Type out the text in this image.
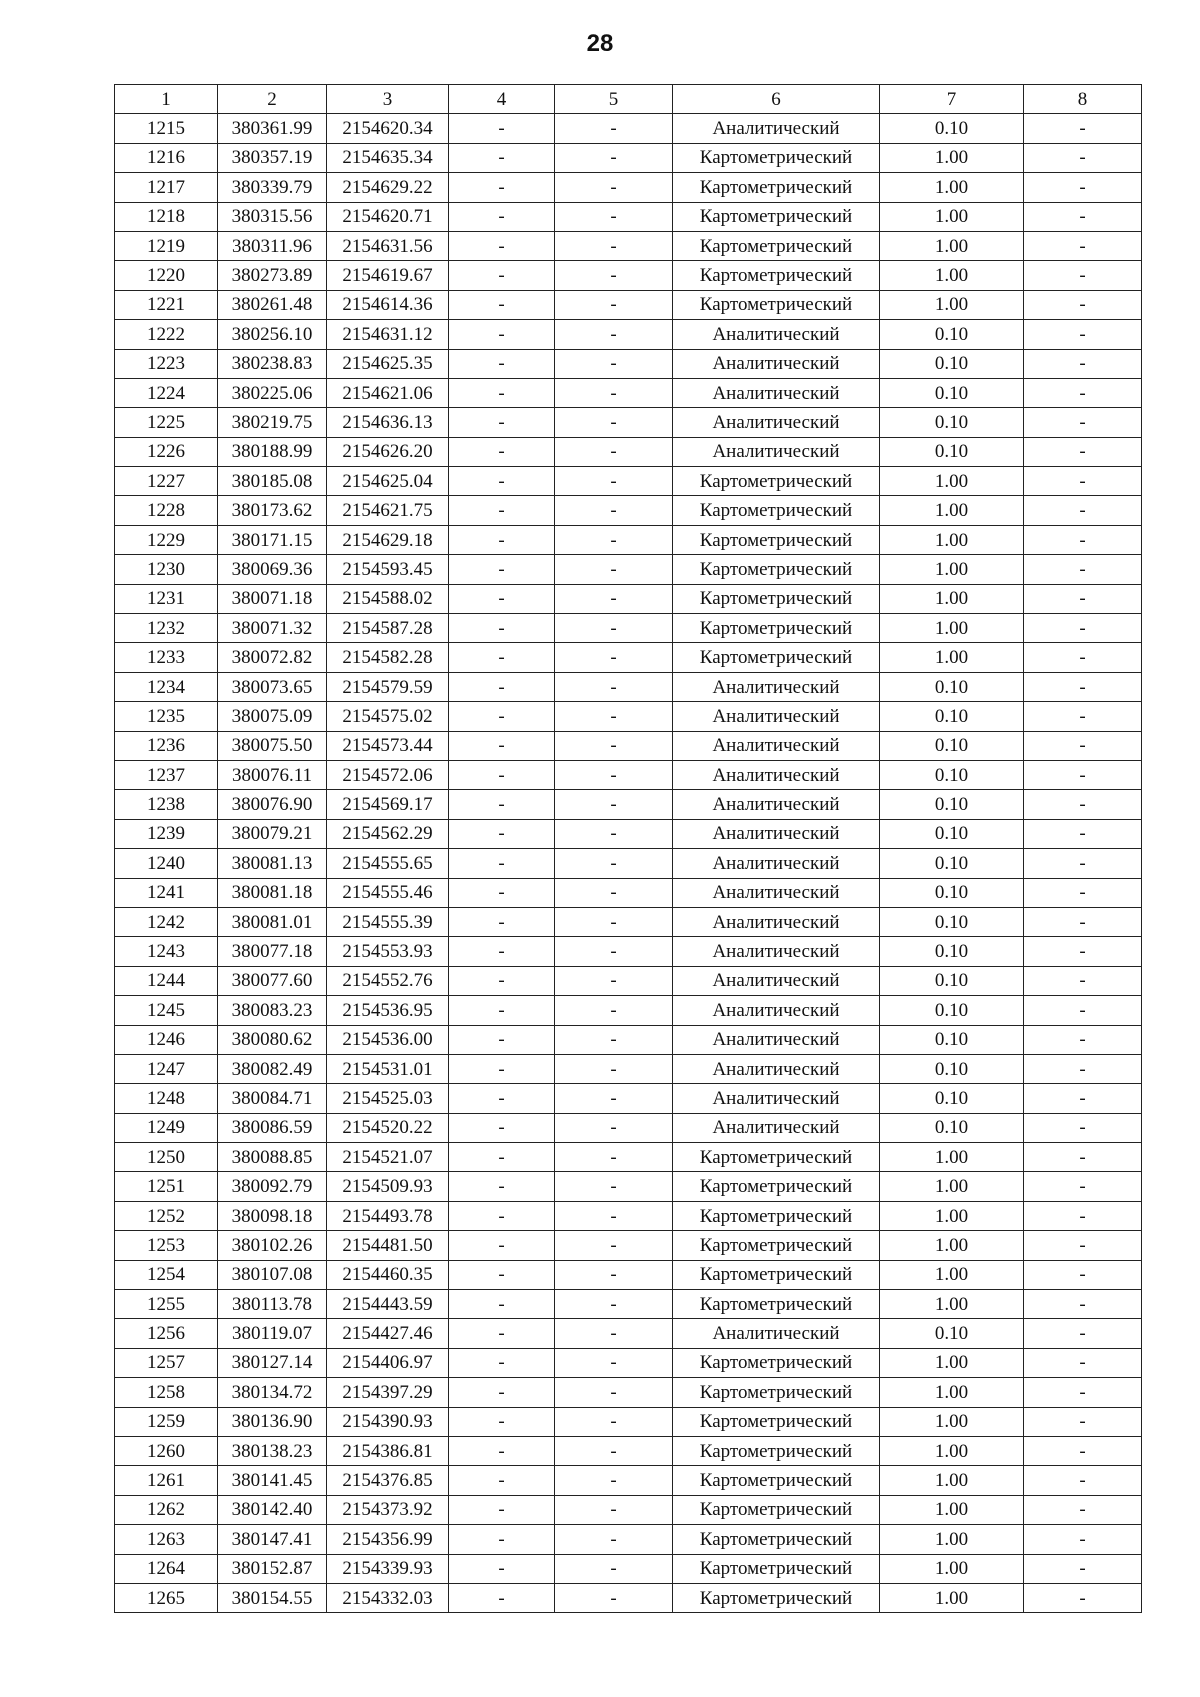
28
1	2	3	4	5	6	7	8
1215	380361.99	2154620.34	-	-	Аналитический	0.10	-
1216	380357.19	2154635.34	-	-	Картометрический	1.00	-
1217	380339.79	2154629.22	-	-	Картометрический	1.00	-
1218	380315.56	2154620.71	-	-	Картометрический	1.00	-
1219	380311.96	2154631.56	-	-	Картометрический	1.00	-
1220	380273.89	2154619.67	-	-	Картометрический	1.00	-
1221	380261.48	2154614.36	-	-	Картометрический	1.00	-
1222	380256.10	2154631.12	-	-	Аналитический	0.10	-
1223	380238.83	2154625.35	-	-	Аналитический	0.10	-
1224	380225.06	2154621.06	-	-	Аналитический	0.10	-
1225	380219.75	2154636.13	-	-	Аналитический	0.10	-
1226	380188.99	2154626.20	-	-	Аналитический	0.10	-
1227	380185.08	2154625.04	-	-	Картометрический	1.00	-
1228	380173.62	2154621.75	-	-	Картометрический	1.00	-
1229	380171.15	2154629.18	-	-	Картометрический	1.00	-
1230	380069.36	2154593.45	-	-	Картометрический	1.00	-
1231	380071.18	2154588.02	-	-	Картометрический	1.00	-
1232	380071.32	2154587.28	-	-	Картометрический	1.00	-
1233	380072.82	2154582.28	-	-	Картометрический	1.00	-
1234	380073.65	2154579.59	-	-	Аналитический	0.10	-
1235	380075.09	2154575.02	-	-	Аналитический	0.10	-
1236	380075.50	2154573.44	-	-	Аналитический	0.10	-
1237	380076.11	2154572.06	-	-	Аналитический	0.10	-
1238	380076.90	2154569.17	-	-	Аналитический	0.10	-
1239	380079.21	2154562.29	-	-	Аналитический	0.10	-
1240	380081.13	2154555.65	-	-	Аналитический	0.10	-
1241	380081.18	2154555.46	-	-	Аналитический	0.10	-
1242	380081.01	2154555.39	-	-	Аналитический	0.10	-
1243	380077.18	2154553.93	-	-	Аналитический	0.10	-
1244	380077.60	2154552.76	-	-	Аналитический	0.10	-
1245	380083.23	2154536.95	-	-	Аналитический	0.10	-
1246	380080.62	2154536.00	-	-	Аналитический	0.10	-
1247	380082.49	2154531.01	-	-	Аналитический	0.10	-
1248	380084.71	2154525.03	-	-	Аналитический	0.10	-
1249	380086.59	2154520.22	-	-	Аналитический	0.10	-
1250	380088.85	2154521.07	-	-	Картометрический	1.00	-
1251	380092.79	2154509.93	-	-	Картометрический	1.00	-
1252	380098.18	2154493.78	-	-	Картометрический	1.00	-
1253	380102.26	2154481.50	-	-	Картометрический	1.00	-
1254	380107.08	2154460.35	-	-	Картометрический	1.00	-
1255	380113.78	2154443.59	-	-	Картометрический	1.00	-
1256	380119.07	2154427.46	-	-	Аналитический	0.10	-
1257	380127.14	2154406.97	-	-	Картометрический	1.00	-
1258	380134.72	2154397.29	-	-	Картометрический	1.00	-
1259	380136.90	2154390.93	-	-	Картометрический	1.00	-
1260	380138.23	2154386.81	-	-	Картометрический	1.00	-
1261	380141.45	2154376.85	-	-	Картометрический	1.00	-
1262	380142.40	2154373.92	-	-	Картометрический	1.00	-
1263	380147.41	2154356.99	-	-	Картометрический	1.00	-
1264	380152.87	2154339.93	-	-	Картометрический	1.00	-
1265	380154.55	2154332.03	-	-	Картометрический	1.00	-
